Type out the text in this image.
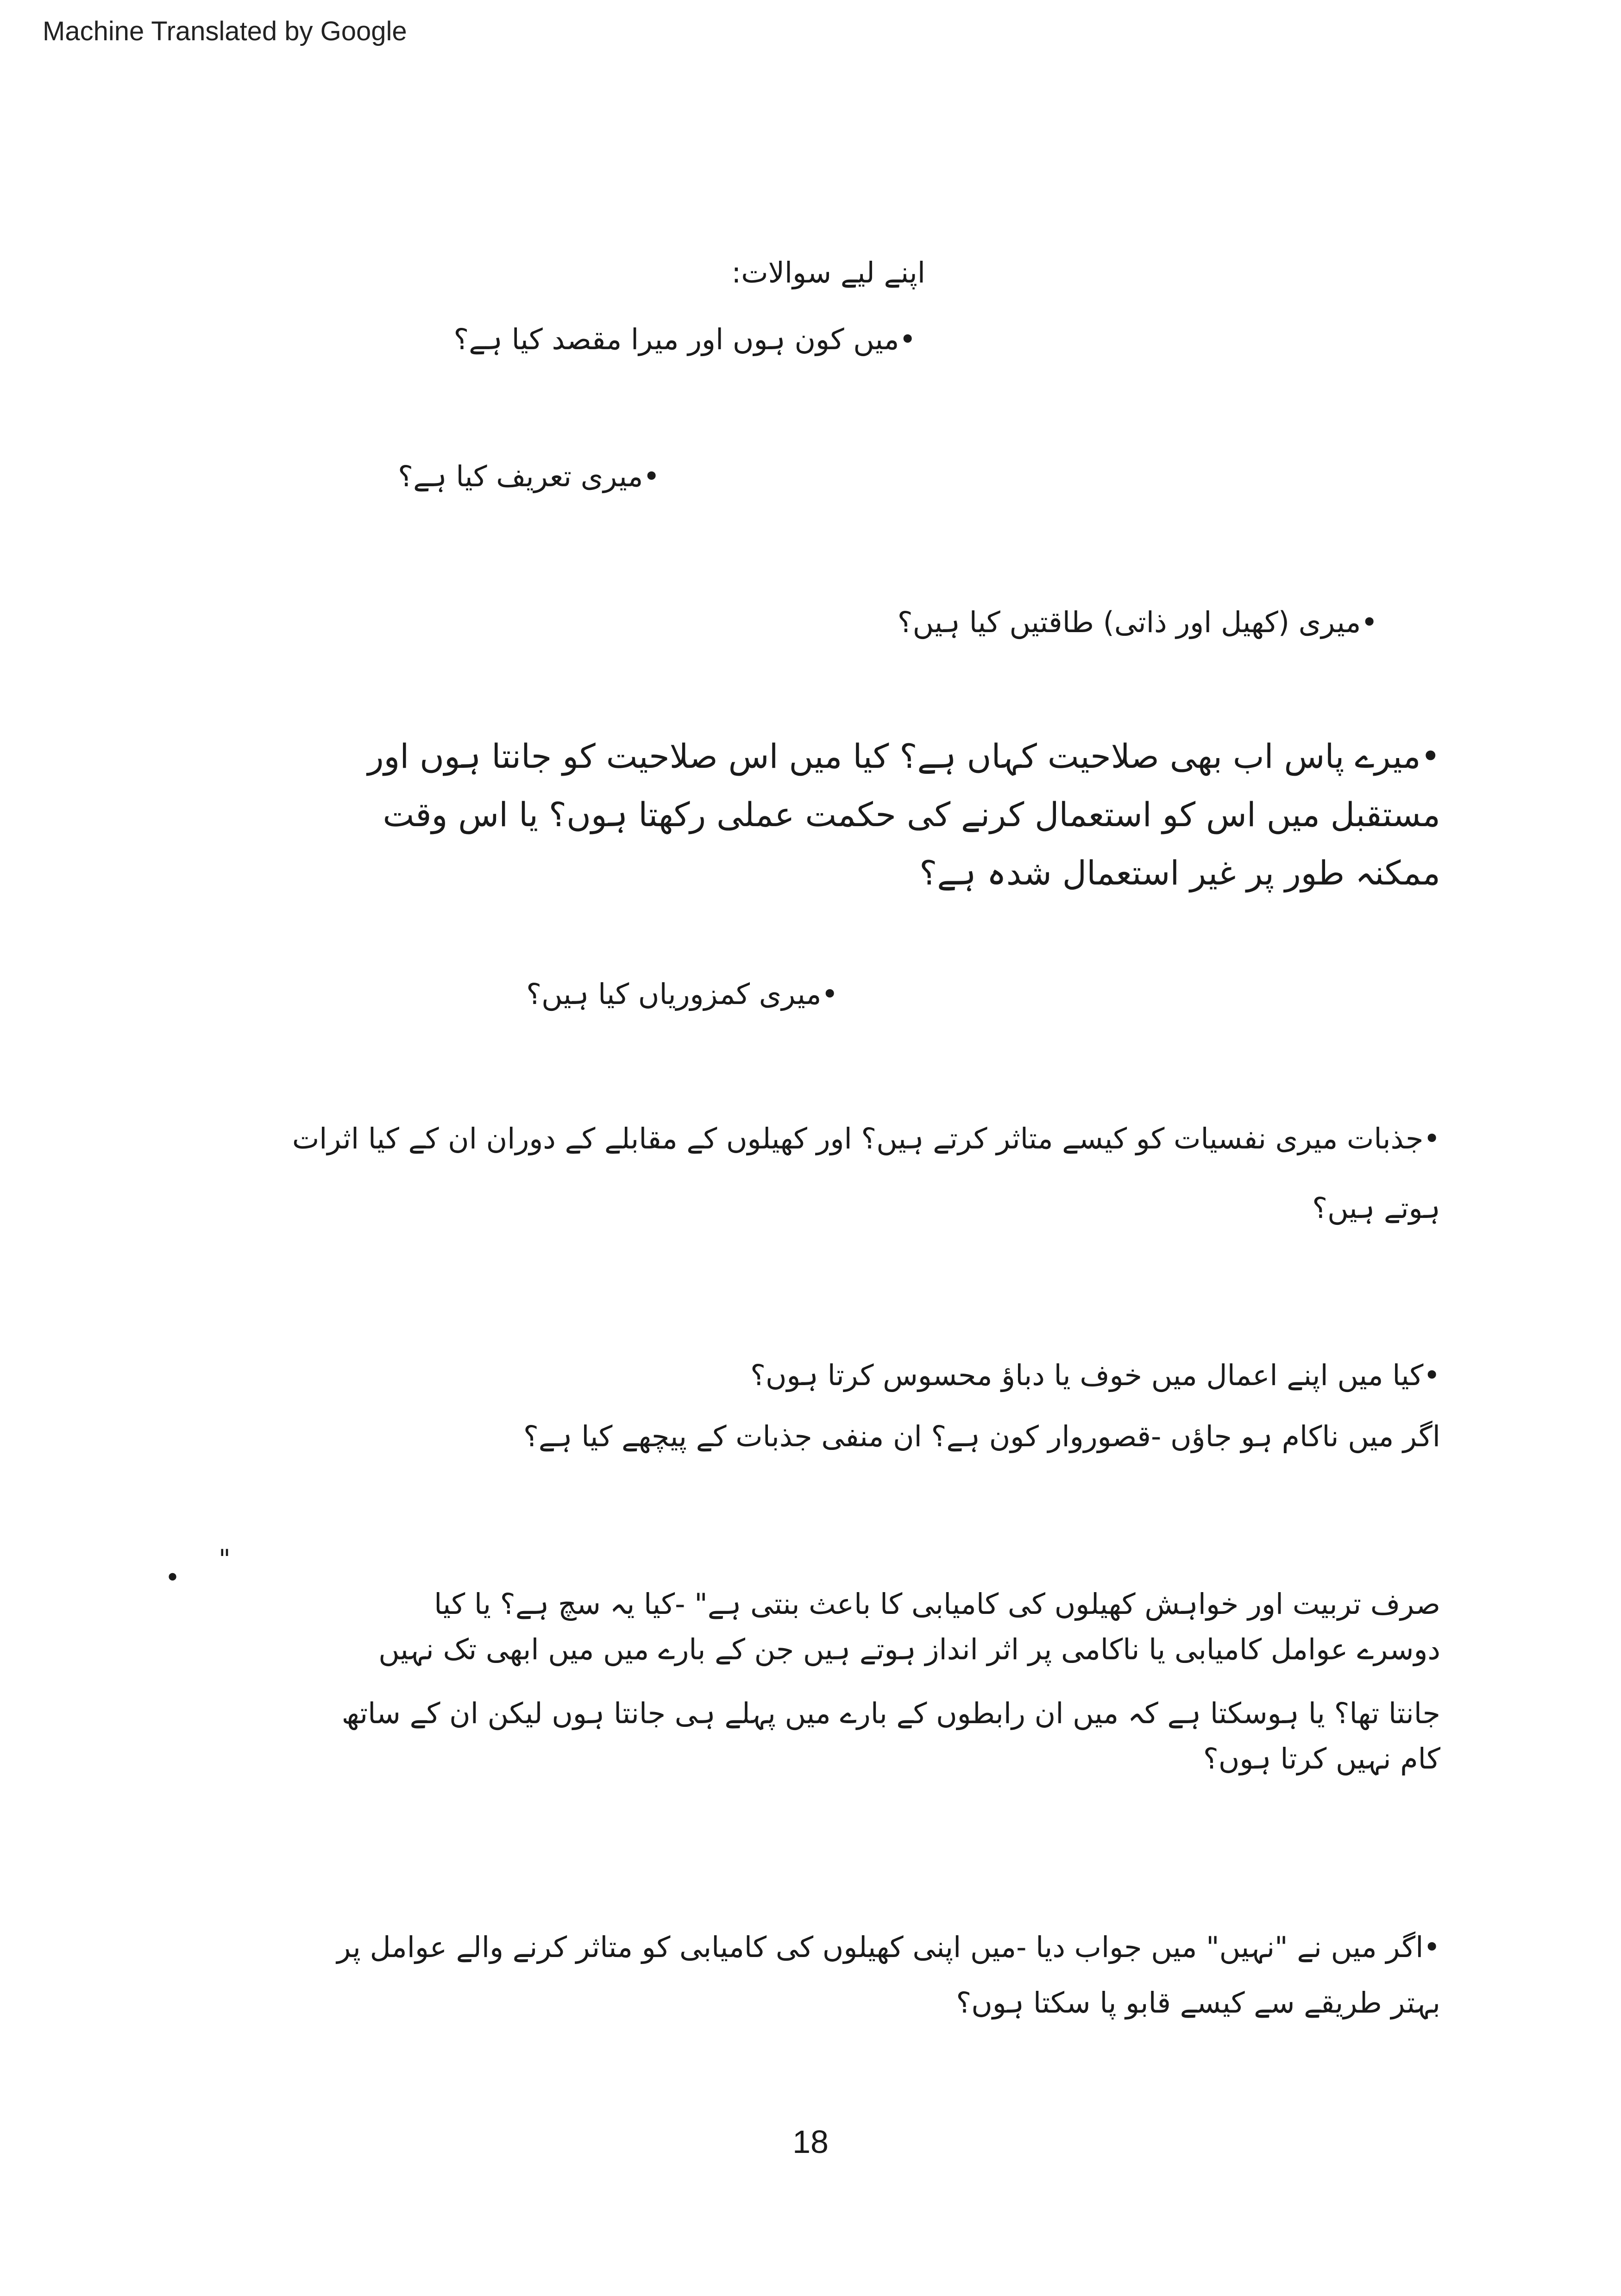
Machine Translated by Google
اپنے لیے سوالات:
•میں کون ہوں اور میرا مقصد کیا ہے؟
•میری تعریف کیا ہے؟
•میری (کھیل اور ذاتی) طاقتیں کیا ہیں؟
•میرے پاس اب بھی صلاحیت کہاں ہے؟ کیا میں اس صلاحیت کو جانتا ہوں اور
مستقبل میں اس کو استعمال کرنے کی حکمت عملی رکھتا ہوں؟ یا اس وقت
ممکنہ طور پر غیر استعمال شدہ ہے؟
•میری کمزوریاں کیا ہیں؟
•جذبات میری نفسیات کو کیسے متاثر کرتے ہیں؟ اور کھیلوں کے مقابلے کے دوران ان کے کیا اثرات
ہوتے ہیں؟
•کیا میں اپنے اعمال میں خوف یا دباؤ محسوس کرتا ہوں؟
اگر میں ناکام ہو جاؤں -قصوروار کون ہے؟ ان منفی جذبات کے پیچھے کیا ہے؟
•
"
صرف تربیت اور خواہش کھیلوں کی کامیابی کا باعث بنتی ہے" -کیا یہ سچ ہے؟ یا کیا
دوسرے عوامل کامیابی یا ناکامی پر اثر انداز ہوتے ہیں جن کے بارے میں میں ابھی تک نہیں
جانتا تھا؟ یا ہوسکتا ہے کہ میں ان رابطوں کے بارے میں پہلے ہی جانتا ہوں لیکن ان کے ساتھ
کام نہیں کرتا ہوں؟
•اگر میں نے "نہیں" میں جواب دیا -میں اپنی کھیلوں کی کامیابی کو متاثر کرنے والے عوامل پر
بہتر طریقے سے کیسے قابو پا سکتا ہوں؟
18
